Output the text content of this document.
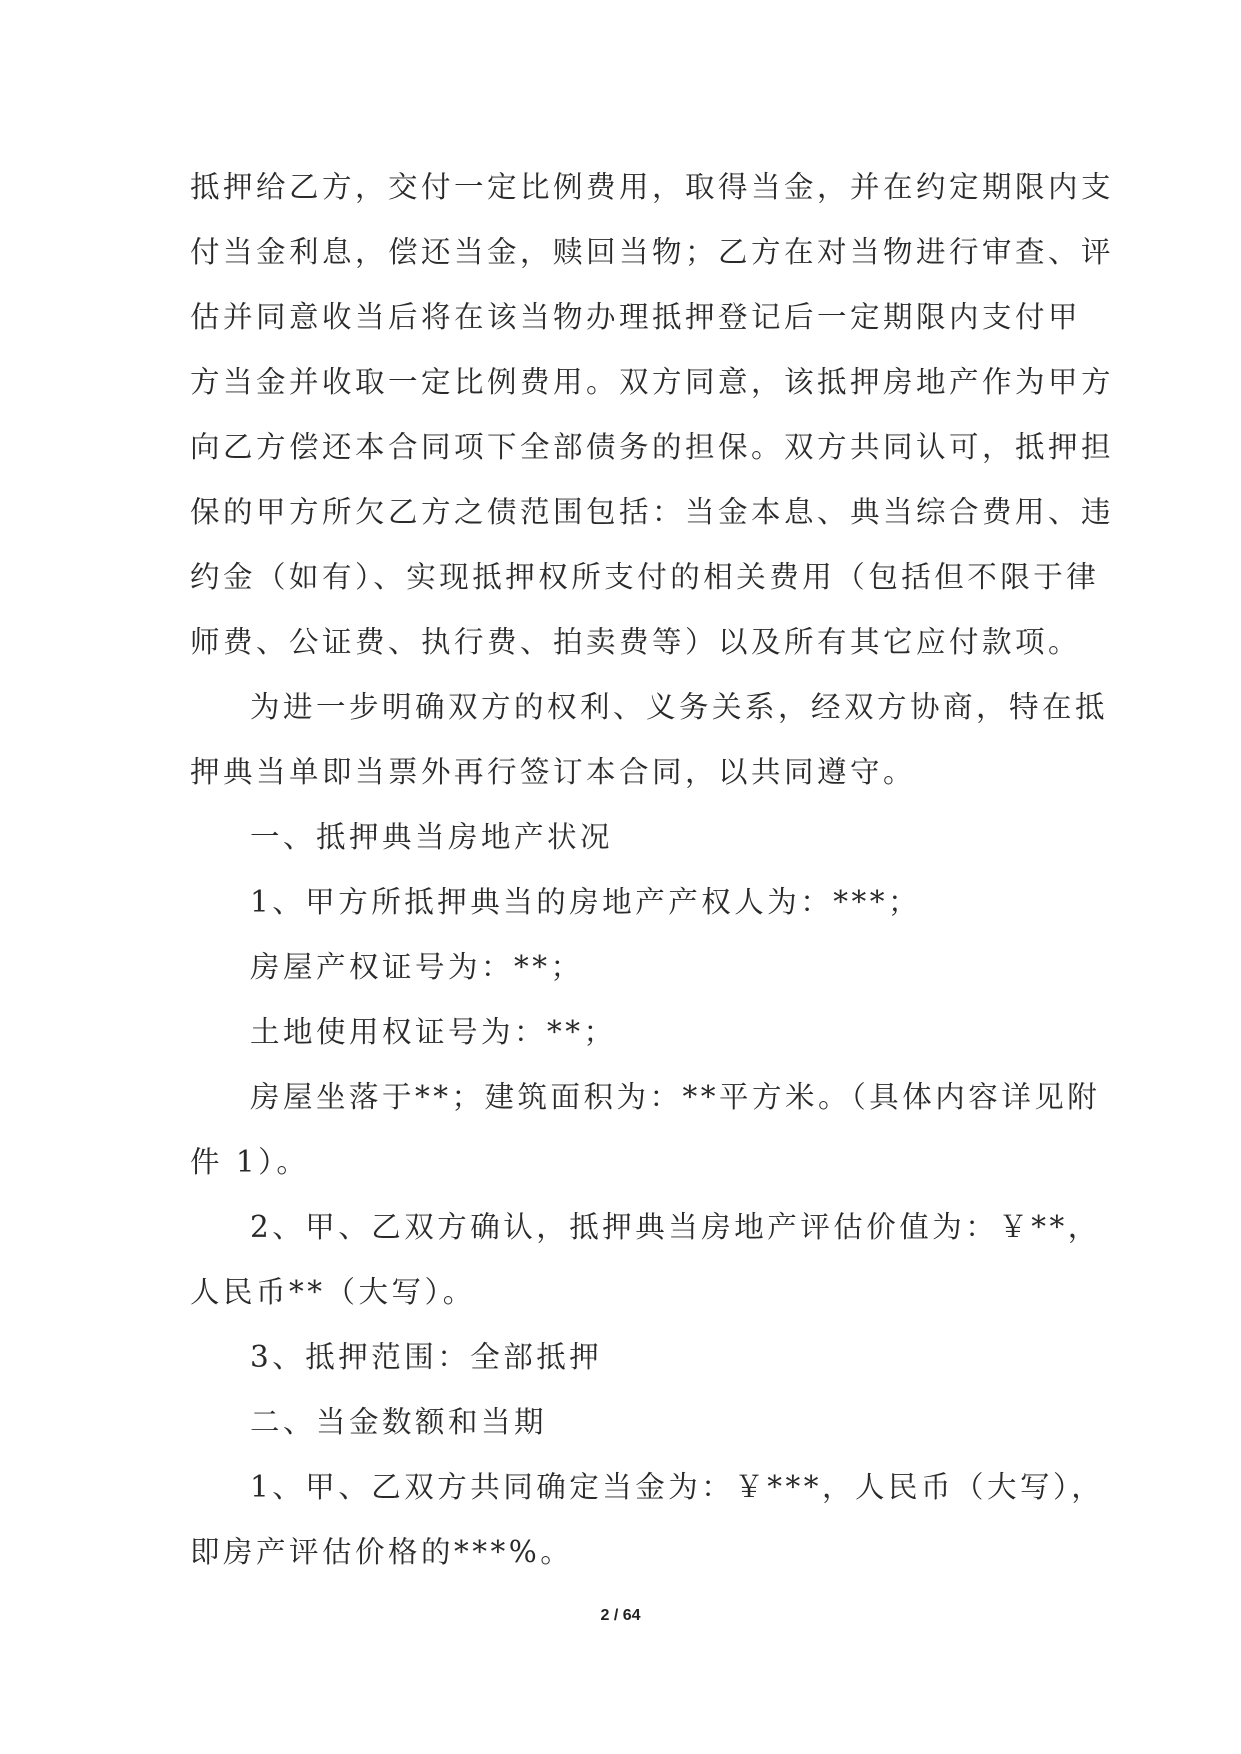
抵押给乙方，交付一定比例费用，取得当金，并在约定期限内支
付当金利息，偿还当金，赎回当物；乙方在对当物进行审查、评
估并同意收当后将在该当物办理抵押登记后一定期限内支付甲
方当金并收取一定比例费用。双方同意，该抵押房地产作为甲方
向乙方偿还本合同项下全部债务的担保。双方共同认可，抵押担
保的甲方所欠乙方之债范围包括：当金本息、典当综合费用、违
约金（如有）、实现抵押权所支付的相关费用（包括但不限于律
师费、公证费、执行费、拍卖费等）以及所有其它应付款项。
为进一步明确双方的权利、义务关系，经双方协商，特在抵
押典当单即当票外再行签订本合同，以共同遵守。
一、抵押典当房地产状况
1、甲方所抵押典当的房地产产权人为：***；
房屋产权证号为：**；
土地使用权证号为：**；
房屋坐落于**；建筑面积为：**平方米。（具体内容详见附
件 1）。
2、甲、乙双方确认，抵押典当房地产评估价值为：￥**，
人民币**（大写）。
3、抵押范围：全部抵押
二、当金数额和当期
1、甲、乙双方共同确定当金为：￥***，人民币（大写），
即房产评估价格的***%。
2 / 64
